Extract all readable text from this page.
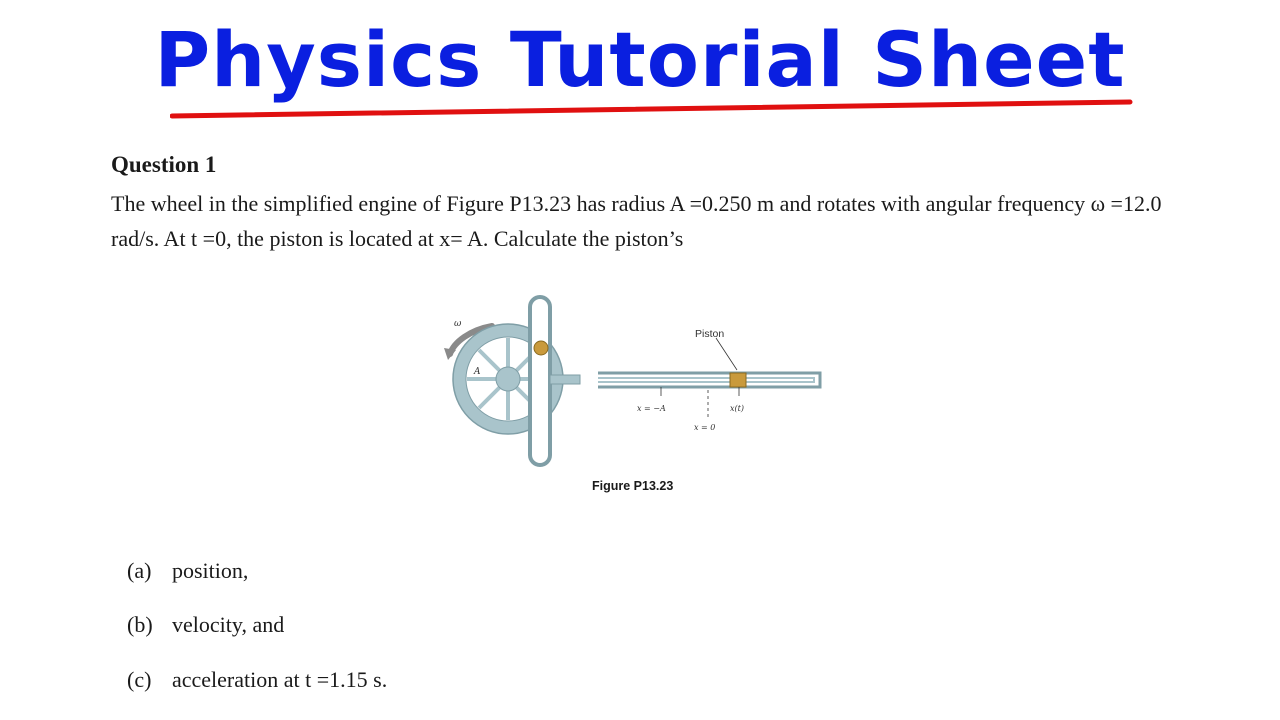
Physics Tutorial Sheet
Question 1
The wheel in the simplified engine of Figure P13.23 has radius A =0.250 m and rotates with angular frequency ω =12.0 rad/s. At t =0, the piston is located at x= A. Calculate the piston’s
ω
A
Piston
x = −A
x = 0
x(t)
Figure P13.23
(a) position,
(b) velocity, and
(c) acceleration at t =1.15 s.
